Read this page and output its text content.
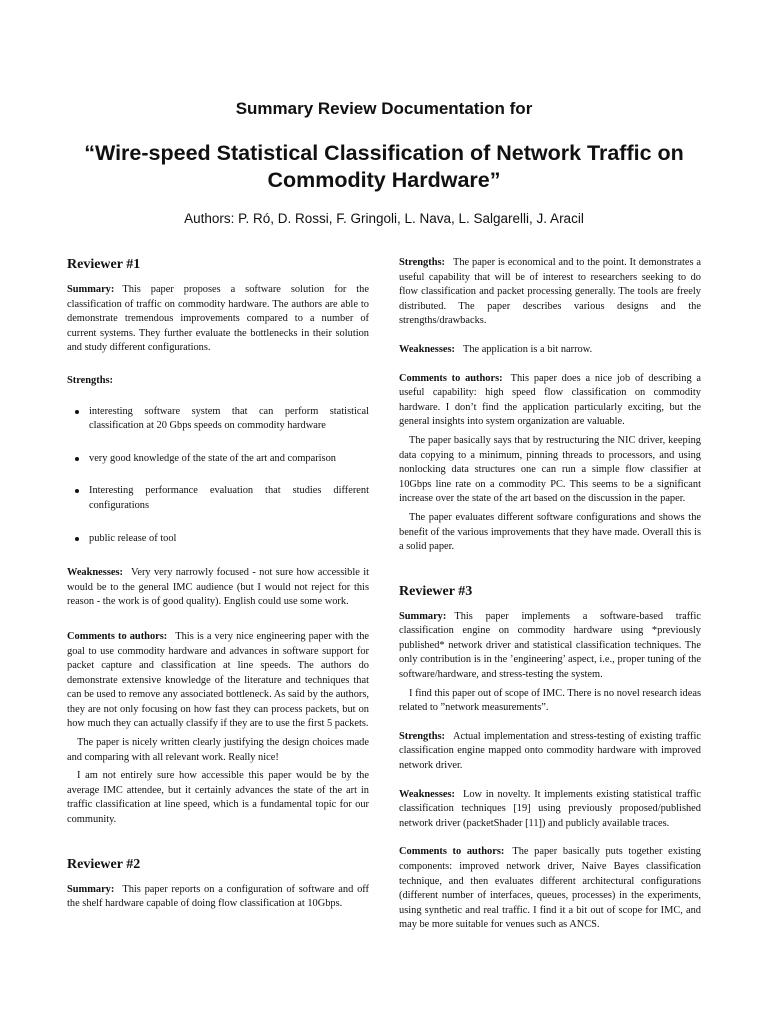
Summary Review Documentation for
“Wire-speed Statistical Classification of Network Traffic on Commodity Hardware”
Authors: P. Ró, D. Rossi, F. Gringoli, L. Nava, L. Salgarelli, J. Aracil
Reviewer #1

Summary: This paper proposes a software solution for the classification of traffic on commodity hardware. The authors are able to demonstrate tremendous improvements compared to a number of current systems. They further evaluate the bottlenecks in their solution and study different configurations.

Strengths:

interesting software system that can perform statistical classification at 20 Gbps speeds on commodity hardware
very good knowledge of the state of the art and comparison
Interesting performance evaluation that studies different configurations
public release of tool

Weaknesses: Very very narrowly focused - not sure how accessible it would be to the general IMC audience (but I would not reject for this reason - the work is of good quality). English could use some work.

Comments to authors: This is a very nice engineering paper with the goal to use commodity hardware and advances in software support for packet capture and classification at line speeds. The authors do demonstrate extensive knowledge of the literature and techniques that can be used to remove any associated bottleneck. As said by the authors, they are not only focusing on how fast they can process packets, but on how much they can actually classify if they are to use the first 5 packets.

The paper is nicely written clearly justifying the design choices made and comparing with all relevant work. Really nice!

I am not entirely sure how accessible this paper would be by the average IMC attendee, but it certainly advances the state of the art in traffic classification at line speed, which is a fundamental topic for our community.

Reviewer #2

Summary: This paper reports on a configuration of software and off the shelf hardware capable of doing flow classification at 10Gbps.

Strengths: The paper is economical and to the point. It demonstrates a useful capability that will be of interest to researchers seeking to do flow classification and packet processing generally. The tools are freely distributed. The paper describes various designs and the strengths/drawbacks.

Weaknesses: The application is a bit narrow.

Comments to authors: This paper does a nice job of describing a useful capability: high speed flow classification on commodity hardware. I don’t find the application particularly exciting, but the general insights into system organization are valuable.

The paper basically says that by restructuring the NIC driver, keeping data copying to a minimum, pinning threads to processors, and using nonlocking data structures one can run a simple flow classifier at 10Gbps line rate on a commodity PC. This seems to be a significant increase over the state of the art based on the discussion in the paper.

The paper evaluates different software configurations and shows the benefit of the various improvements that they have made. Overall this is a solid paper.

Reviewer #3

Summary: This paper implements a software-based traffic classification engine on commodity hardware using *previously published* network driver and statistical classification techniques. The only contribution is in the ’engineering’ aspect, i.e., proper tuning of the software/hardware, and stress-testing the system.

I find this paper out of scope of IMC. There is no novel research ideas related to ”network measurements”.

Strengths: Actual implementation and stress-testing of existing traffic classification engine mapped onto commodity hardware with improved network driver.

Weaknesses: Low in novelty. It implements existing statistical traffic classification techniques [19] using previously proposed/published network driver (packetShader [11]) and publicly available traces.

Comments to authors: The paper basically puts together existing components: improved network driver, Naive Bayes classification technique, and then evaluates different architectural configurations (different number of interfaces, queues, processes) in the experiments, using synthetic and real traffic. I find it a bit out of scope for IMC, and may be more suitable for venues such as ANCS.
